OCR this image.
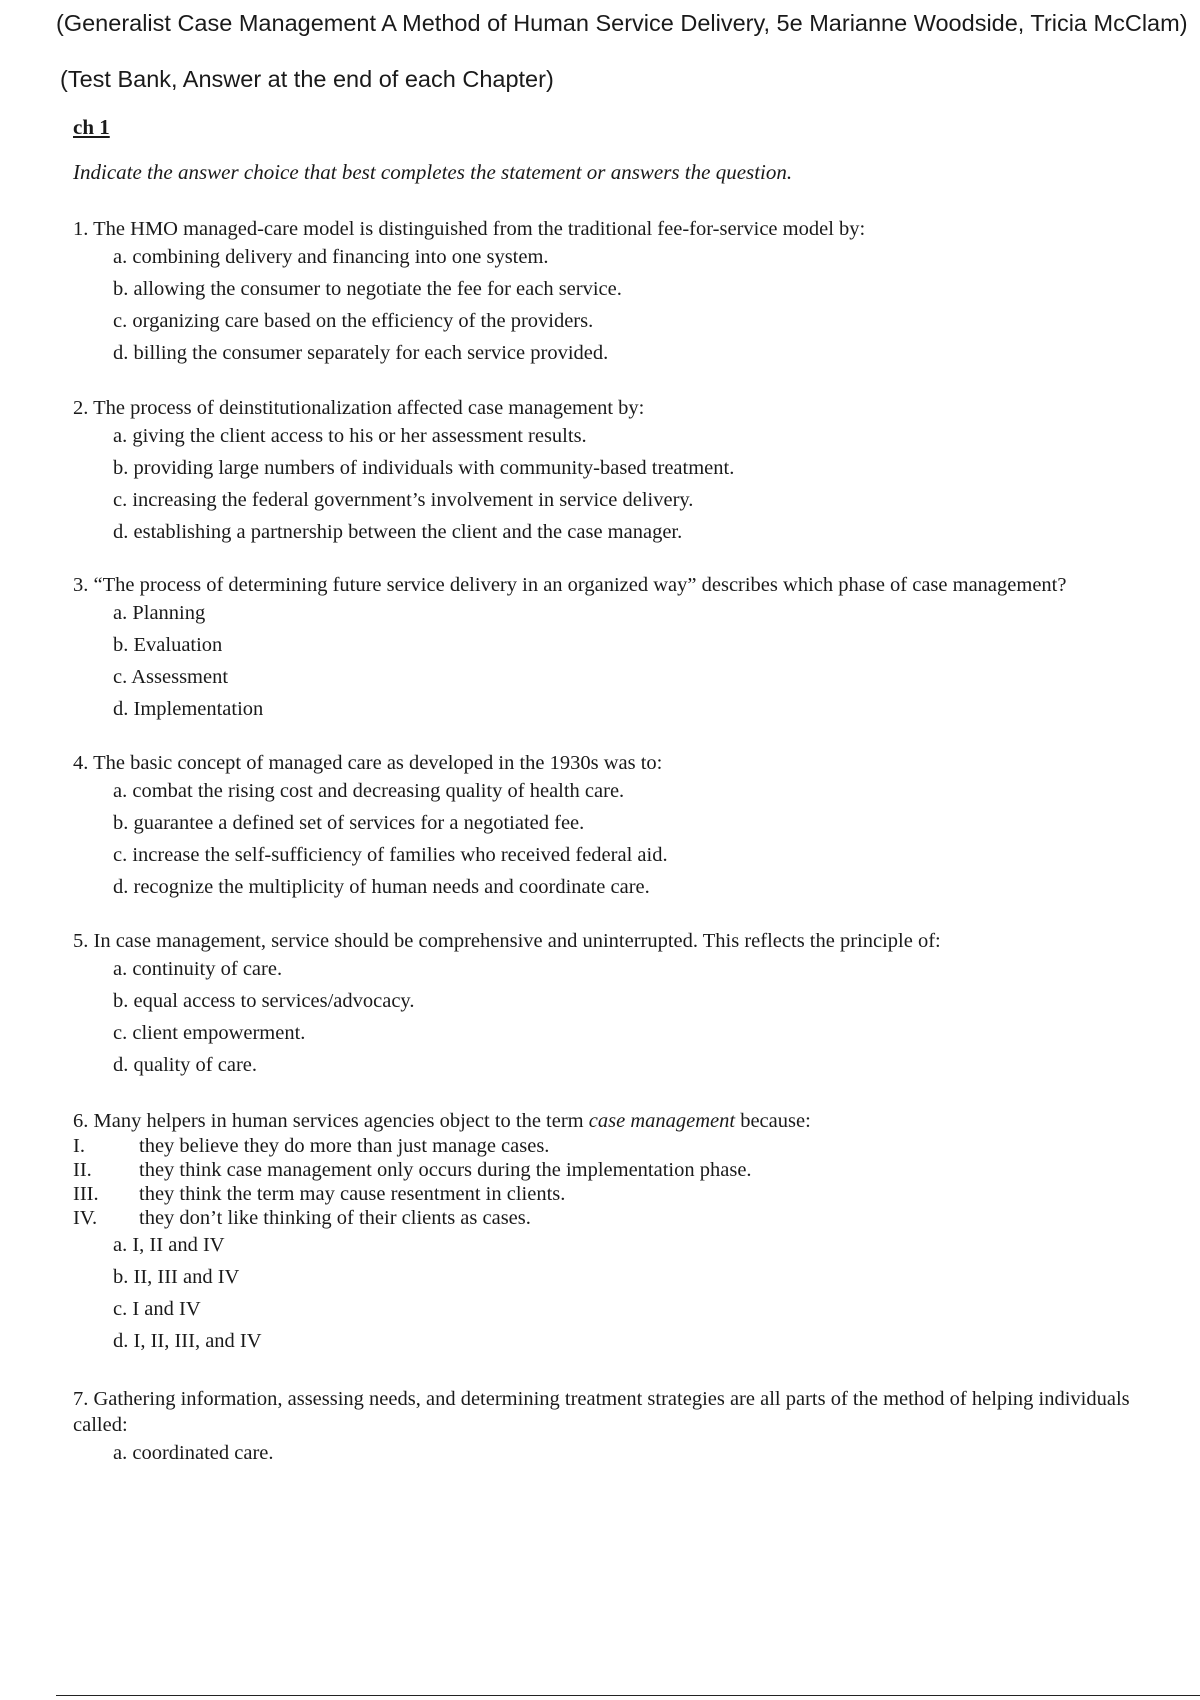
(Generalist Case Management A Method of Human Service Delivery, 5e Marianne Woodside, Tricia McClam)
(Test Bank, Answer at the end of each Chapter)
ch 1
Indicate the answer choice that best completes the statement or answers the question.
1. The HMO managed-care model is distinguished from the traditional fee-for-service model by:
a. combining delivery and financing into one system.
b. allowing the consumer to negotiate the fee for each service.
c. organizing care based on the efficiency of the providers.
d. billing the consumer separately for each service provided.
2. The process of deinstitutionalization affected case management by:
a. giving the client access to his or her assessment results.
b. providing large numbers of individuals with community-based treatment.
c. increasing the federal government’s involvement in service delivery.
d. establishing a partnership between the client and the case manager.
3. “The process of determining future service delivery in an organized way” describes which phase of case management?
a. Planning
b. Evaluation
c. Assessment
d. Implementation
4. The basic concept of managed care as developed in the 1930s was to:
a. combat the rising cost and decreasing quality of health care.
b. guarantee a defined set of services for a negotiated fee.
c. increase the self-sufficiency of families who received federal aid.
d. recognize the multiplicity of human needs and coordinate care.
5. In case management, service should be comprehensive and uninterrupted. This reflects the principle of:
a. continuity of care.
b. equal access to services/advocacy.
c. client empowerment.
d. quality of care.
6. Many helpers in human services agencies object to the term case management because:
I.	they believe they do more than just manage cases.
II.	they think case management only occurs during the implementation phase.
III.	they think the term may cause resentment in clients.
IV.	they don’t like thinking of their clients as cases.
a. I, II and IV
b. II, III and IV
c. I and IV
d. I, II, III, and IV
7. Gathering information, assessing needs, and determining treatment strategies are all parts of the method of helping individuals called:
a. coordinated care.
